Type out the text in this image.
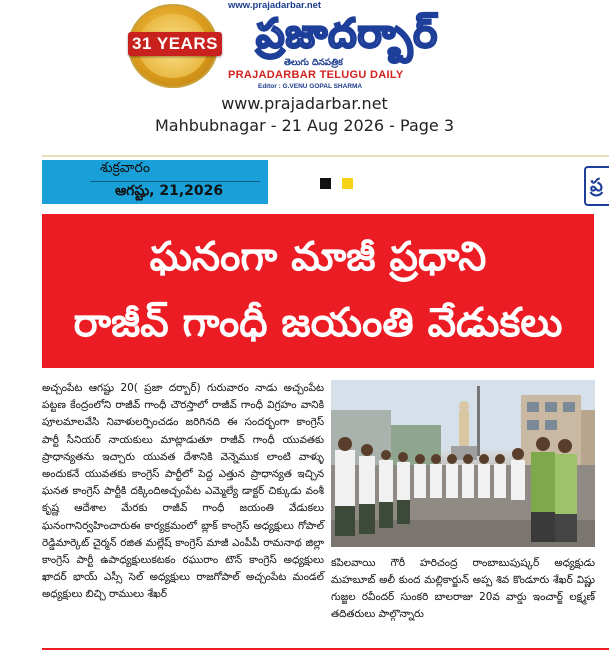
31 YEARS
www.prajadarbar.net
ప్రజాదర్బార్
తెలుగు దినపత్రిక
PRAJADARBAR TELUGU DAILY
Editor : G.VENU GOPAL SHARMA
www.prajadarbar.net
Mahbubnagar - 21 Aug 2026 - Page 3
శుక్రవారం
ఆగష్టు, 21,2026	ప్ర
ఘనంగా మాజీ ప్రధాని
రాజీవ్ గాంధీ జయంతి వేడుకలు
అచ్చంపేట ఆగష్టు 20( ప్రజా దర్బార్) గురువారం నాడు అచ్చంపేట పట్టణ కేంద్రంలోని రాజీవ్ గాంధీ చౌరస్తాలో రాజీవ్ గాంధీ విగ్రహం వానికి పూలమాలవేసి నివాళులర్పించడం జరిగినది ఈ సందర్భంగా కాంగ్రెస్ పార్టీ సీనియర్ నాయకులు మాట్లాడుతూ రాజీవ్ గాంధీ యువతకు ప్రాధాన్యతను ఇచ్చారు యువత దేశానికి వెన్నెముక లాంటి వాళ్ళు అందుకనే యువతకు కాంగ్రెస్ పార్టీలో పెద్ద ఎత్తున ప్రాధాన్యత ఇచ్చిన ఘనత కాంగ్రెస్ పార్టీకి దక్కిందిఅచ్చంపేట ఎమ్మెల్యే డాక్టర్ చిక్కుడు వంశీ కృష్ణ ఆదేశాల మేరకు రాజీవ్ గాంధీ జయంతి వేడుకలు ఘనంగానిర్వహించారుఈ కార్యక్రమంలో బ్లాక్ కాంగ్రెస్ అధ్యక్షులు గోపాల్ రెడ్డిమార్కెట్ చైర్మన్ రజిత మల్లేష్ కాంగ్రెస్ మాజీ ఎంపీపీ రామనాథ జిల్లా కాంగ్రెస్ పార్టీ ఉపాధ్యక్షులుకటకం రఘురాం టౌన్ కాంగ్రెస్ అధ్యక్షులు ఖాదర్ భాయ్ ఎస్సీ సెల్ అధ్యక్షులు రాజగోపాల్ అచ్చంపేట మండల్ అధ్యక్షులు బిచ్చి రాములు శేఖర్
కపిలవాయి గౌరీ హరిచంద్ర రాంబాబుపుష్కర్ అధ్యక్షుడు మహబూబ్ అలీ కుంద మల్లికార్జున్ అప్ప శివ కొండూరు శేఖర్ విష్ణు గుజ్జల రవీందర్ సుంకరి బాలరాజు 20వ వార్డు ఇంచార్జ్ లక్ష్మణ్ తదితరులు పాల్గొన్నారు
